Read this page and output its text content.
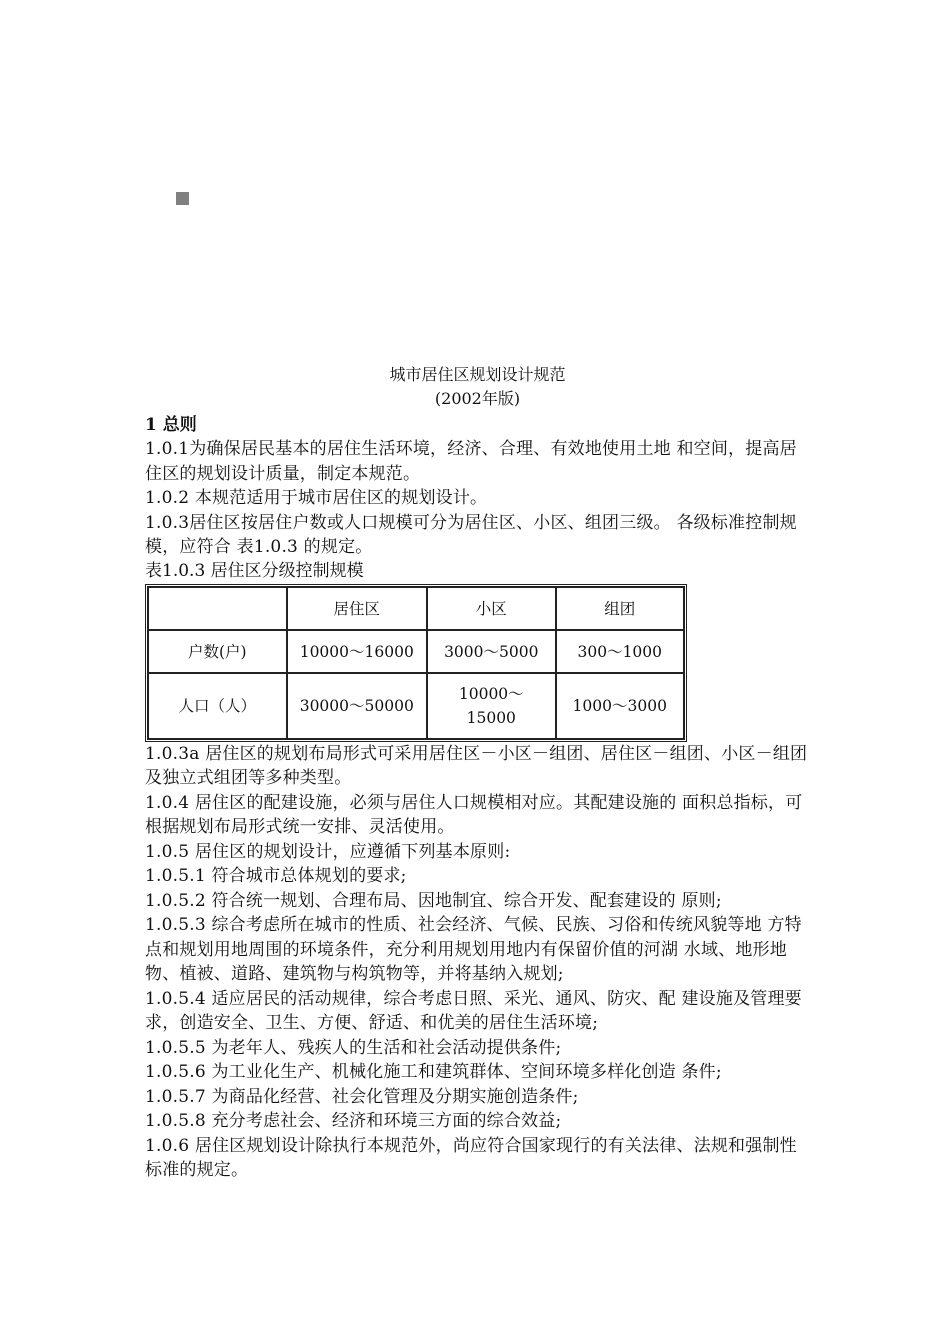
城市居住区规划设计规范
(2002年版)
1 总则
1.0.1为确保居民基本的居住生活环境，经济、合理、有效地使用土地 和空间，提高居住区的规划设计质量，制定本规范。
1.0.2 本规范适用于城市居住区的规划设计。
1.0.3居住区按居住户数或人口规模可分为居住区、小区、组团三级。 各级标准控制规模，应符合 表1.0.3 的规定。
表1.0.3 居住区分级控制规模
	居住区	小区	组团
户数(户)	10000～16000	3000～5000	300～1000
人口（人）	30000～50000	10000～15000	1000～3000
1.0.3a 居住区的规划布局形式可采用居住区－小区－组团、居住区－组团、小区－组团及独立式组团等多种类型。
1.0.4 居住区的配建设施，必须与居住人口规模相对应。其配建设施的 面积总指标，可根据规划布局形式统一安排、灵活使用。
1.0.5 居住区的规划设计，应遵循下列基本原则:
1.0.5.1 符合城市总体规划的要求;
1.0.5.2 符合统一规划、合理布局、因地制宜、综合开发、配套建设的 原则;
1.0.5.3 综合考虑所在城市的性质、社会经济、气候、民族、习俗和传统风貌等地 方特点和规划用地周围的环境条件，充分利用规划用地内有保留价值的河湖 水域、地形地物、植被、道路、建筑物与构筑物等，并将基纳入规划;
1.0.5.4 适应居民的活动规律，综合考虑日照、采光、通风、防灾、配 建设施及管理要求，创造安全、卫生、方便、舒适、和优美的居住生活环境;
1.0.5.5 为老年人、残疾人的生活和社会活动提供条件;
1.0.5.6 为工业化生产、机械化施工和建筑群体、空间环境多样化创造 条件;
1.0.5.7 为商品化经营、社会化管理及分期实施创造条件;
1.0.5.8 充分考虑社会、经济和环境三方面的综合效益;
1.0.6 居住区规划设计除执行本规范外，尚应符合国家现行的有关法律、法规和强制性标准的规定。
